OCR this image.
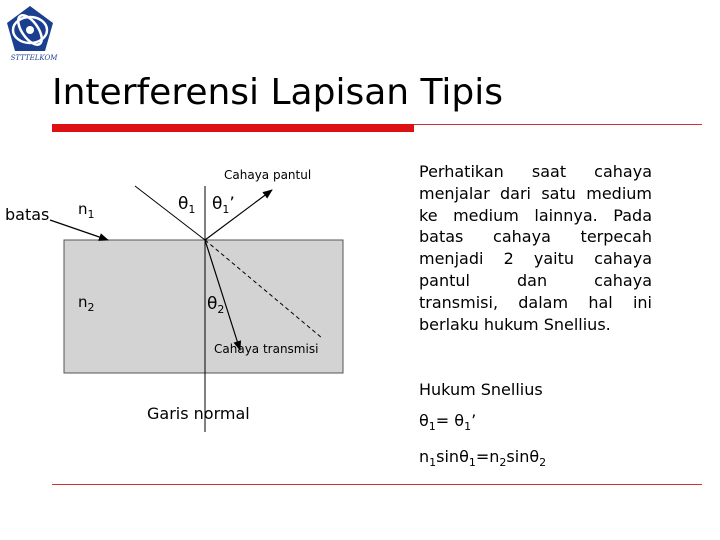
STTTELKOM
Interferensi Lapisan Tipis
Cahaya pantul
batas $n_1$
$n_2$
$\theta_1$ $\theta_1$’
$\theta_2$
Cahaya transmisi
Garis normal
Perhatikan saat cahaya menjalar dari satu medium ke medium lainnya. Pada batas cahaya terpecah menjadi 2 yaitu cahaya pantul dan cahaya transmisi, dalam hal ini berlaku hukum Snellius.
Hukum Snellius
$\theta_1= \theta_1$’
$n_1\sin\theta_1=n_2\sin\theta_2$
